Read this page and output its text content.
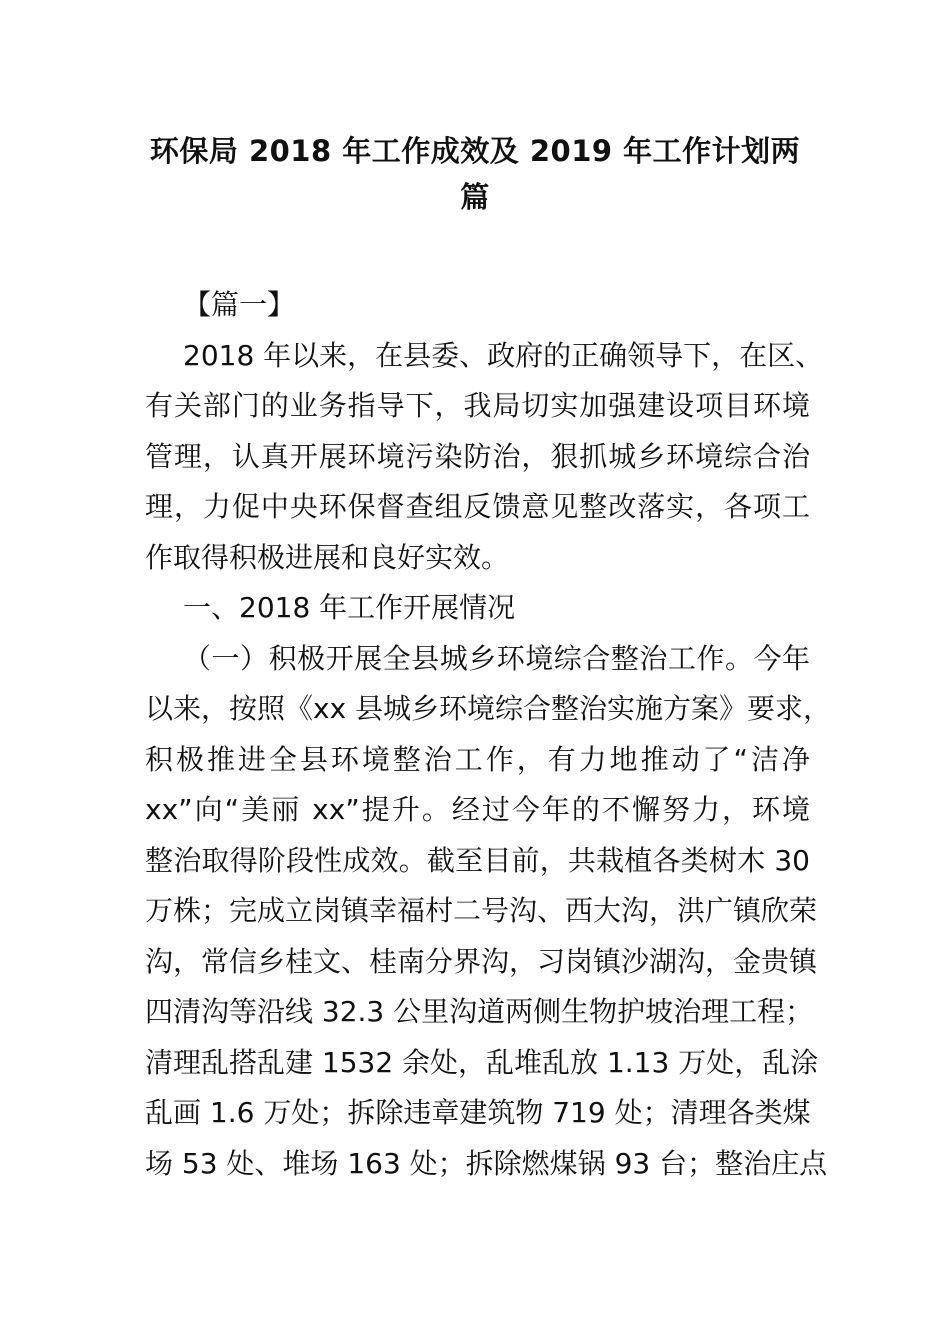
环保局 2018 年工作成效及 2019 年工作计划两
篇
【篇一】
2018 年以来，在县委、政府的正确领导下，在区、
有关部门的业务指导下，我局切实加强建设项目环境
管理，认真开展环境污染防治，狠抓城乡环境综合治
理，力促中央环保督查组反馈意见整改落实，各项工
作取得积极进展和良好实效。
一、2018 年工作开展情况
（一）积极开展全县城乡环境综合整治工作。今年
以来，按照《xx 县城乡环境综合整治实施方案》要求，
积极推进全县环境整治工作，有力地推动了“洁净
xx”向“美丽 xx”提升。经过今年的不懈努力，环境
整治取得阶段性成效。截至目前，共栽植各类树木 30
万株；完成立岗镇幸福村二号沟、西大沟，洪广镇欣荣
沟，常信乡桂文、桂南分界沟，习岗镇沙湖沟，金贵镇
四清沟等沿线 32.3 公里沟道两侧生物护坡治理工程；
清理乱搭乱建 1532 余处，乱堆乱放 1.13 万处，乱涂
乱画 1.6 万处；拆除违章建筑物 719 处；清理各类煤
场 53 处、堆场 163 处；拆除燃煤锅 93 台；整治庄点
